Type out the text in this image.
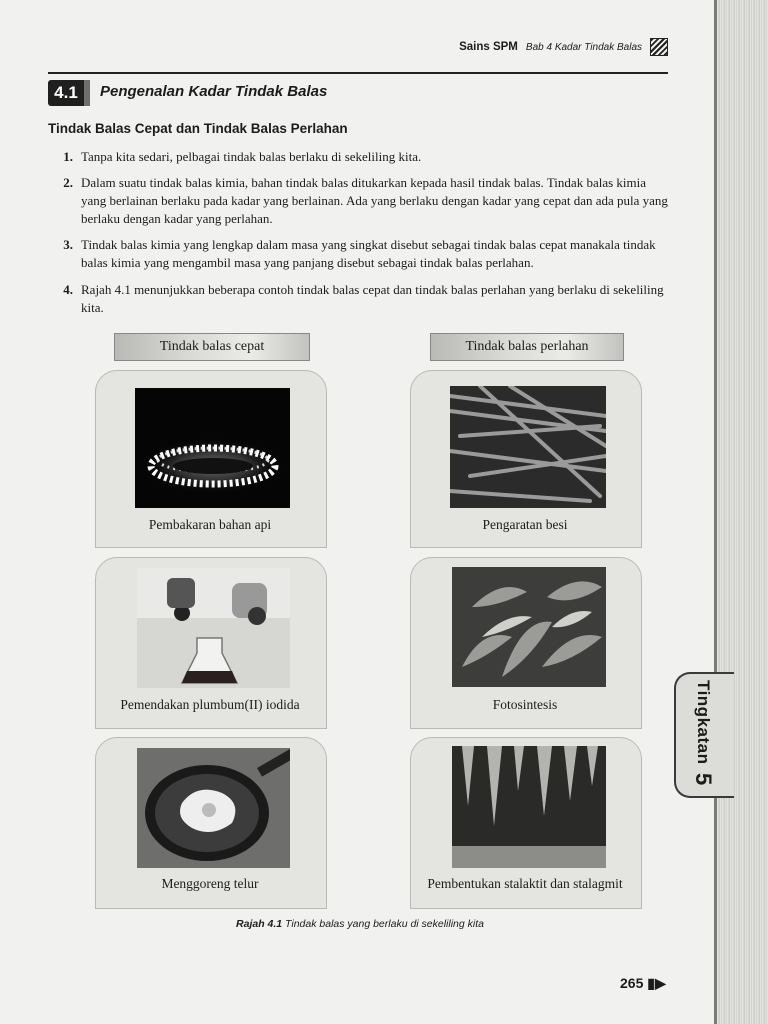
Tingkatan
5
Sains SPM Bab 4 Kadar Tindak Balas
4.1	Pengenalan Kadar Tindak Balas
Tindak Balas Cepat dan Tindak Balas Perlahan
1. Tanpa kita sedari, pelbagai tindak balas berlaku di sekeliling kita.
2. Dalam suatu tindak balas kimia, bahan tindak balas ditukarkan kepada hasil tindak balas. Tindak balas kimia yang berlainan berlaku pada kadar yang berlainan. Ada yang berlaku dengan kadar yang cepat dan ada pula yang berlaku dengan kadar yang perlahan.
3. Tindak balas kimia yang lengkap dalam masa yang singkat disebut sebagai tindak balas cepat manakala tindak balas kimia yang mengambil masa yang panjang disebut sebagai tindak balas perlahan.
4. Rajah 4.1 menunjukkan beberapa contoh tindak balas cepat dan tindak balas perlahan yang berlaku di sekeliling kita.
Tindak balas cepat	Tindak balas perlahan
Pembakaran bahan api
Pemendakan plumbum(II) iodida
Menggoreng telur
Pengaratan besi
Fotosintesis
Pembentukan stalaktit dan stalagmit
Rajah 4.1 Tindak balas yang berlaku di sekeliling kita
265 ▮▶
